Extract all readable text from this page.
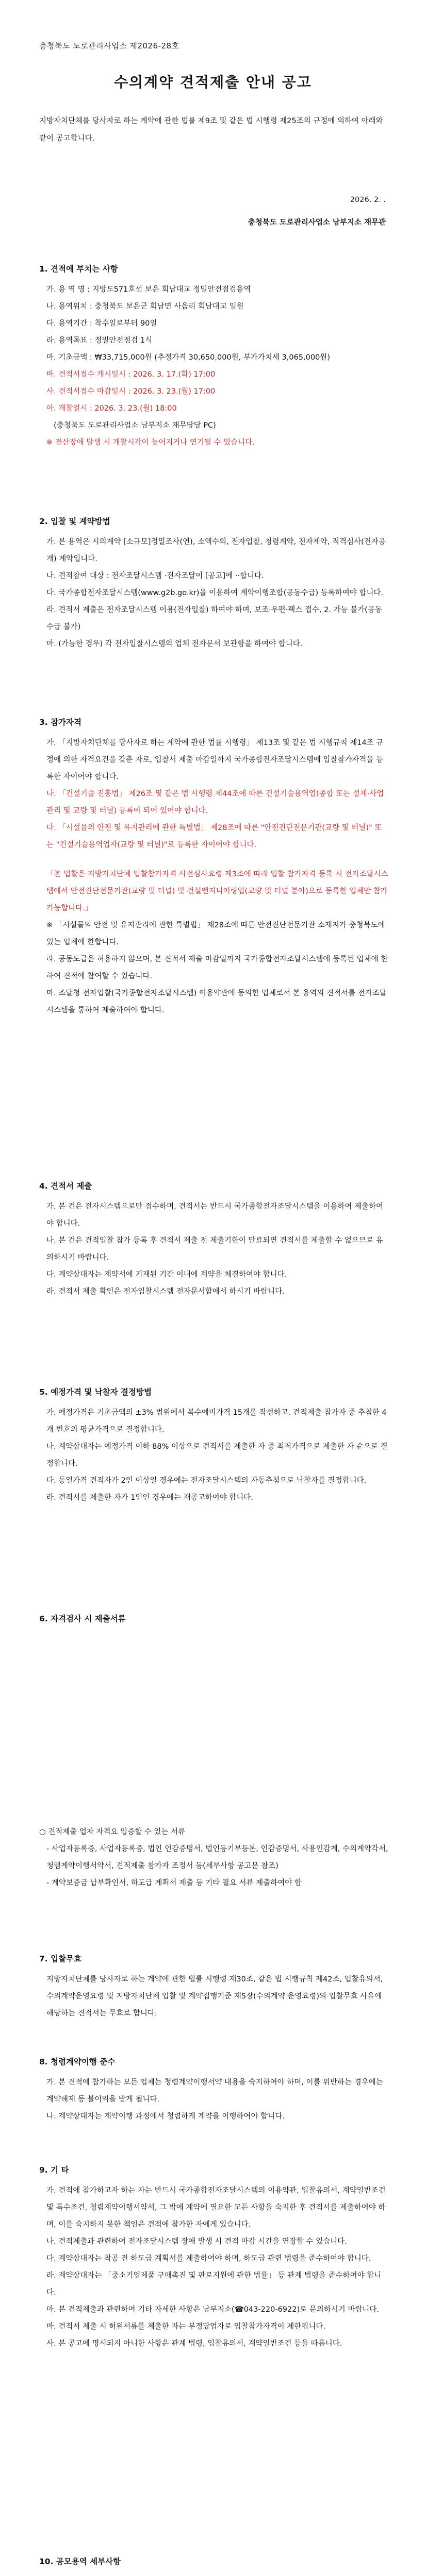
충청북도 도로관리사업소 제2026-28호
수의계약 견적제출 안내 공고
지방자치단체를 당사자로 하는 계약에 관한 법률 제9조 및 같은 법 시행령 제25조의 규정에 의하여 아래와 같이 공고합니다.
2026. 2. .
충청북도 도로관리사업소 남부지소 재무관
1. 견적에 부치는 사항
가. 용 역 명 : 지방도571호선 보은 회남대교 정밀안전점검용역
나. 용역위치 : 충청북도 보은군 회남면 사음리 회남대교 일원
다. 용역기간 : 착수일로부터 90일
라. 용역목표 : 정밀안전점검 1식
마. 기초금액 : ₩33,715,000원 (추정가격 30,650,000원, 부가가치세 3,065,000원)
바. 견적서접수 개시일시 : 2026. 3. 17.(화) 17:00
사. 견적서접수 마감일시 : 2026. 3. 23.(월) 17:00
아. 개찰일시 : 2026. 3. 23.(월) 18:00
(충청북도 도로관리사업소 남부지소 재무담당 PC)
※ 전산장애 발생 시 개찰시각이 늦어지거나 연기될 수 있습니다.
2. 입찰 및 계약방법
가. 본 용역은 시의계약 [소규모]정밀조사(연), 소액수의, 전자입찰, 청렴계약, 전자계약, 적격심사(전자공개) 계약입니다.
나. 견적참여 대상 : 전자조달시스템 ·전자조달이 [공고]에 ··합니다.
다. 국가종합전자조달시스템(www.g2b.go.kr)을 이용하여 계약이행조합(공동수급) 등록하여야 합니다.
라. 견적서 제출은 전자조달시스템 이용(전자입찰) 하여야 하며, 보조·우편·팩스 접수, 2. 가능 불가(공동수급 불가)
마. (가능한 경우) 각 전자입찰시스템의 업체 전자문서 보관함을 하여야 합니다.
3. 참가자격
가. 「지방자치단체를 당사자로 하는 계약에 관한 법률 시행령」 제13조 및 같은 법 시행규칙 제14조 규정에 의한 자격요건을 갖춘 자로, 입찰서 제출 마감일까지 국가종합전자조달시스템에 입찰참가자격을 등록한 자이어야 합니다.
나. 「건설기술 진흥법」 제26조 및 같은 법 시행령 제44조에 따른 건설기술용역업(종합 또는 설계·사업관리 및 교량 및 터널) 등록이 되어 있어야 합니다.
다. 「시설물의 안전 및 유지관리에 관한 특별법」 제28조에 따른 "안전진단전문기관(교량 및 터널)" 또는 "건설기술용역업자(교량 및 터널)"로 등록한 자이어야 합니다.
「본 입찰은 지방자치단체 입찰참가자격 사전심사요령 제3조에 따라 입찰 참가자격 등록 시 전자조달시스템에서 안전진단전문기관(교량 및 터널) 및 건설엔지니어링업(교량 및 터널 분야)으로 등록한 업체만 참가 가능합니다.」
※ 「시설물의 안전 및 유지관리에 관한 특별법」 제28조에 따른 안전진단전문기관 소재지가 충청북도에 있는 업체에 한합니다.
라. 공동도급은 허용하지 않으며, 본 견적서 제출 마감일까지 국가종합전자조달시스템에 등록된 업체에 한하여 견적에 참여할 수 있습니다.
마. 조달청 전자입찰(국가종합전자조달시스템) 이용약관에 동의한 업체로서 본 용역의 견적서를 전자조달시스템을 통하여 제출하여야 합니다.
4. 견적서 제출
가. 본 건은 전자시스템으로만 접수하며, 견적서는 반드시 국가종합전자조달시스템을 이용하여 제출하여야 합니다.
나. 본 건은 견적입찰 참가 등록 후 견적서 제출 전 제출기한이 만료되면 견적서를 제출할 수 없으므로 유의하시기 바랍니다.
다. 계약상대자는 계약서에 기재된 기간 이내에 계약을 체결하여야 합니다.
라. 견적서 제출 확인은 전자입찰시스템 전자문서함에서 하시기 바랍니다.
5. 예정가격 및 낙찰자 결정방법
가. 예정가격은 기초금액의 ±3% 범위에서 복수예비가격 15개를 작성하고, 견적제출 참가자 중 추첨한 4개 번호의 평균가격으로 결정합니다.
나. 계약상대자는 예정가격 이하 88% 이상으로 견적서를 제출한 자 중 최저가격으로 제출한 자 순으로 결정합니다.
다. 동일가격 견적자가 2인 이상일 경우에는 전자조달시스템의 자동추첨으로 낙찰자를 결정합니다.
라. 견적서를 제출한 자가 1인인 경우에는 재공고하여야 합니다.
6. 자격검사 시 제출서류
○ 견적제출 업자 자격요 입증할 수 있는 서류
- 사업자등록증, 사업자등록증, 법인 인감증명서, 법인등기부등본, 인감증명서, 사용인감계, 수의계약각서, 청렴계약이행서약서, 견적제출 참가자 조정서 등(세부사항 공고문 참조)
- 계약보증금 납부확인서, 하도급 계획서 제출 등 기타 필요 서류 제출하여야 함
7. 입찰무효
지방자치단체를 당사자로 하는 계약에 관한 법률 시행령 제30조, 같은 법 시행규칙 제42조, 입찰유의서, 수의계약운영요령 및 지방자치단체 입찰 및 계약집행기준 제5장(수의계약 운영요령)의 입찰무효 사유에 해당하는 견적서는 무효로 합니다.
8. 청렴계약이행 준수
가. 본 견적에 참가하는 모든 업체는 청렴계약이행서약 내용을 숙지하여야 하며, 이를 위반하는 경우에는 계약해제 등 불이익을 받게 됩니다.
나. 계약상대자는 계약이행 과정에서 청렴하게 계약을 이행하여야 합니다.
9. 기 타
가. 견적에 참가하고자 하는 자는 반드시 국가종합전자조달시스템의 이용약관, 입찰유의서, 계약일반조건 및 특수조건, 청렴계약이행서약서, 그 밖에 계약에 필요한 모든 사항을 숙지한 후 견적서를 제출하여야 하며, 이를 숙지하지 못한 책임은 견적에 참가한 자에게 있습니다.
나. 견적제출과 관련하여 전자조달시스템 장애 발생 시 견적 마감 시간을 연장할 수 있습니다.
다. 계약상대자는 착공 전 하도급 계획서를 제출하여야 하며, 하도급 관련 법령을 준수하여야 합니다.
라. 계약상대자는 「중소기업제품 구매촉진 및 판로지원에 관한 법률」 등 관계 법령을 준수하여야 합니다.
마. 본 견적제출과 관련하여 기타 자세한 사항은 남부지소(☎043-220-6922)로 문의하시기 바랍니다.
바. 견적서 제출 시 허위서류를 제출한 자는 부정당업자로 입찰참가자격이 제한됩니다.
사. 본 공고에 명시되지 아니한 사항은 관계 법령, 입찰유의서, 계약일반조건 등을 따릅니다.
10. 공모용역 세부사항
